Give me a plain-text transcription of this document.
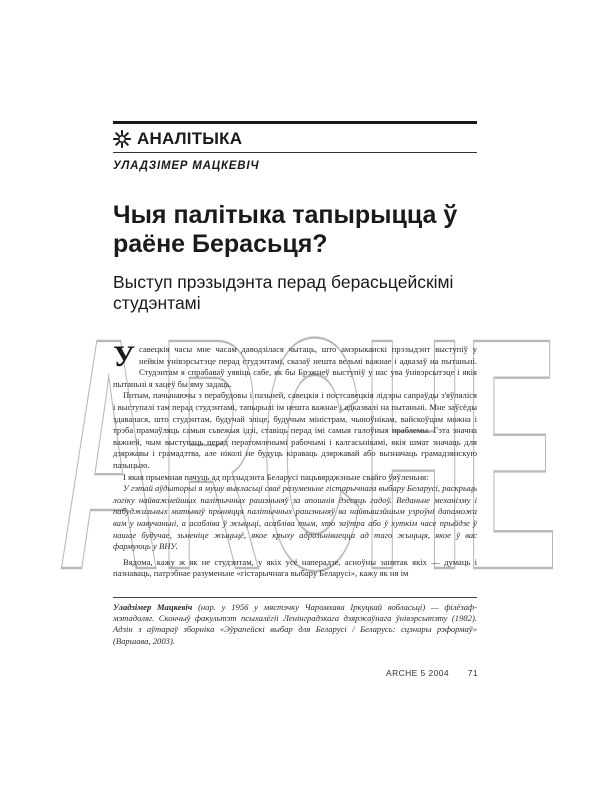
АНАЛІТЫКА
УЛАДЗІМЕР МАЦКЕВІЧ
ARCHE
Чыя палітыка тапырыцца ў раёне Берасьця?
Выступ прэзыдэнта перад берасьцейскімі студэнтамі

Усавецкія часы мне часам даводзілася чытаць, што амэрыканскі прэзыдэнт выступіў у нейкім унівэрсытэце перад студэнтамі, сказаў нешта вельмі важнае і адказаў на пытаньні. Студэнтам я спрабаваў уявіць сабе, як бы Брэжнеў выступіў у нас ува ўнівэрсытэце і якія пытаньні я хацеў бы яму задаць.

Потым, пачынаючы з перабудовы і пазьней, савецкія і постсавецкія лідэры сапраўды з'яўляліся і выступалі там перад студэнтамі, тапырылі ім нешта важнае і адказвалі на пытаньні. Мне заўсёды здавалася, што студэнтам, будучай эліце, будучым міністрам, чыноўнікам, вайскоўцам можна і трэба прамаўляць самыя сьвежыя ідэі, ставіць перад імі самыя галоўныя праблемы. Гэта значна важней, чым выступаць перад ператомленымі рабочымі і калгасьнікамі, якія шмат значаць для дзяржавы і грамадзтва, але ніколі не будуць кіраваць дзяржавай або вызначаць грамадзянскую пазыцыю.

І якая прыемная пачуць ад прэзыдэнта Беларусі пацьвярджэньне свайго ўяўленьня:

У гэтай аўдыторыі я мушу выкласьці сваё разуменьне гістарычнага выбару Беларусі, раскрыць логіку найважнейшых палітычных рашэньняў за апошнія дзесяць гадоў. Веданьне механізму і пабуджальных матываў прыняцця палітычных рашэньняў ва найвышэйшым узроўні дапаможа вам у навучаньні, а асабліва ў жыцьці, асабліва тым, хто заўтра або ў хуткім часе прыйдзе ў нашае будучае, зьменіце жыцьцё, якое крыху адрозьніваецца ад таго жыцьця, якое ў вас фармуюць у ВНУ.

Вядома, кажу ж як не студэнтам, у якіх усё наперадзе, асноўны занятак якіх — думаць і пазнаваць, патрэбнае разуменьне «гістарычнага выбару Беларусі», кажу як ня ім

Уладзімер Мацкевіч (нар. у 1956 у мястэчку Чаромхава Іркуцкай вобласьці) — філёзаф-мэтадоляг. Скончыў факультэт псыхалёгіі Ленінградзкага дзяржаўнага ўнівэрсытэту (1982). Адзін з аўтараў зборніка «Эўрапейскі выбар для Беларусі / Беларусь: сцэнары рэформаў» (Варшава, 2003).
ARCHE 5 2004 71
